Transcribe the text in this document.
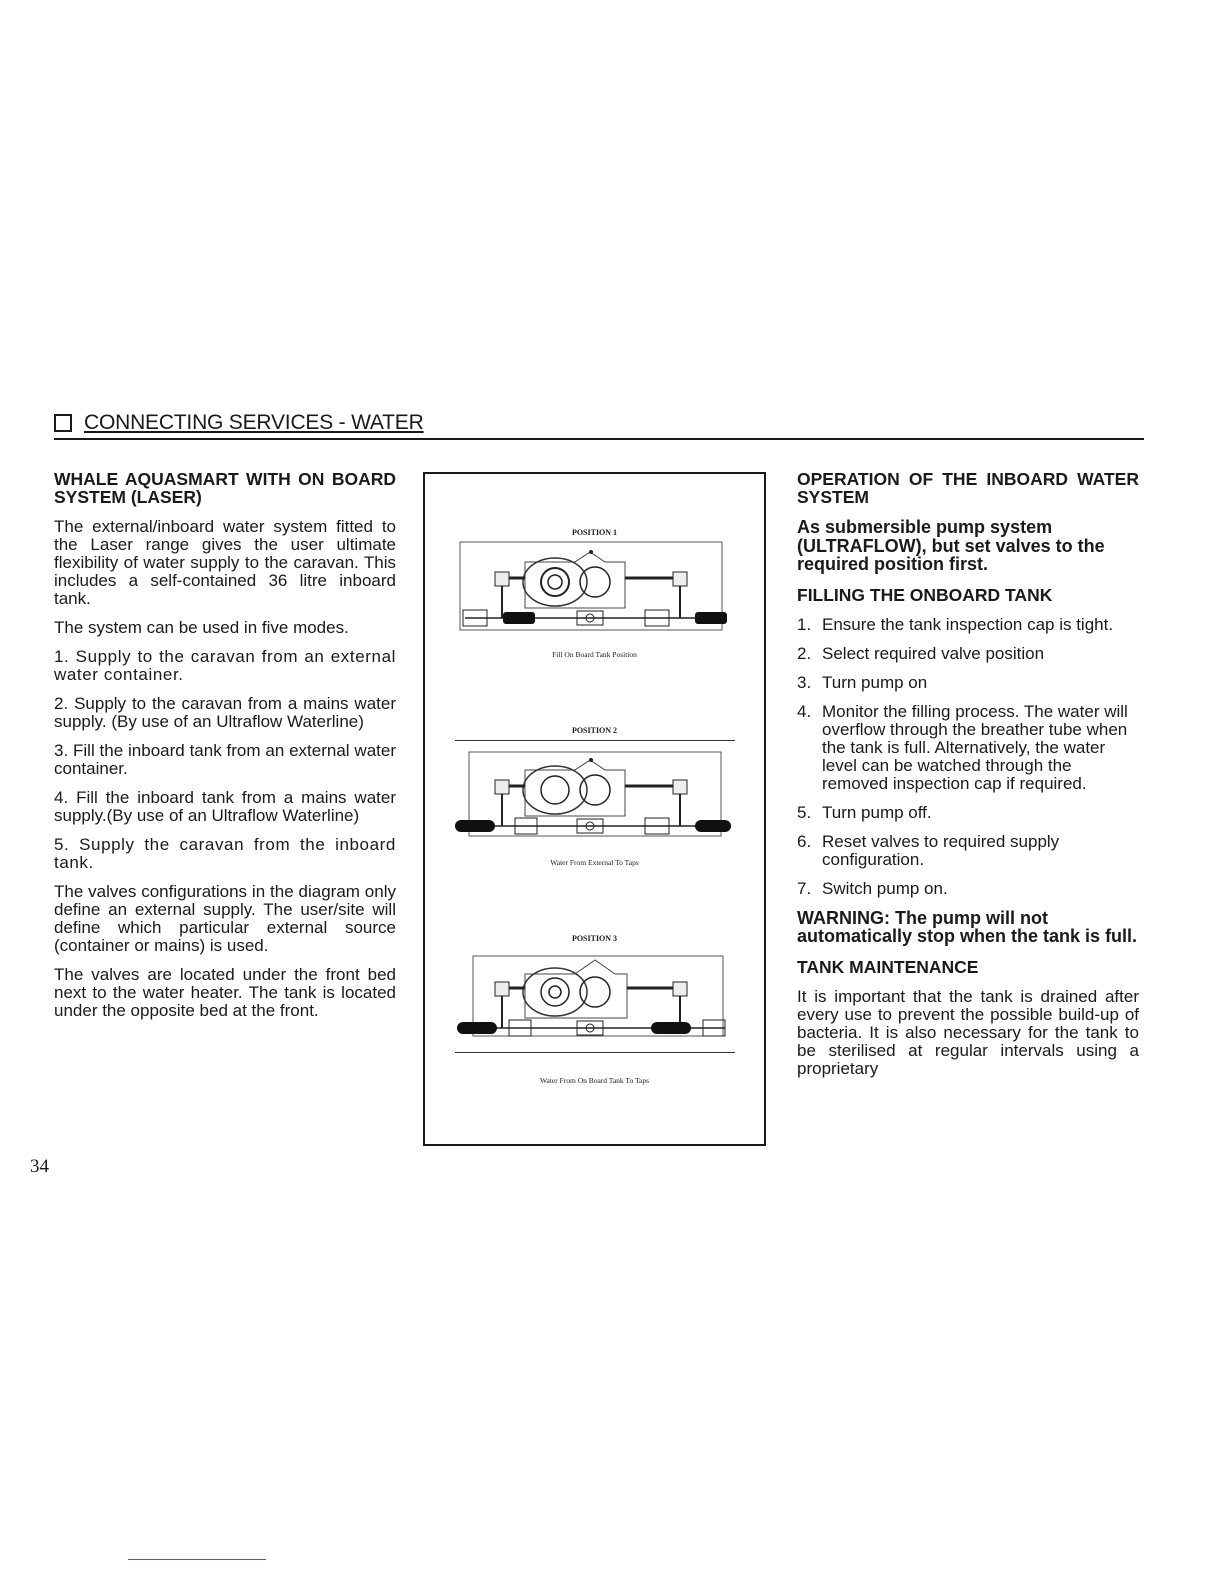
CONNECTING SERVICES - WATER
WHALE AQUASMART WITH ON BOARD SYSTEM (LASER)

The external/inboard water system fitted to the Laser range gives the user ultimate flexibility of water supply to the caravan. This includes a self-contained 36 litre inboard tank.

The system can be used in five modes.

1. Supply to the caravan from an external water container.

2. Supply to the caravan from a mains water supply. (By use of an Ultraflow Waterline)

3. Fill the inboard tank from an external water container.

4. Fill the inboard tank from a mains water supply.(By use of an Ultraflow Waterline)

5. Supply the caravan from the inboard tank.

The valves configurations in the diagram only define an external supply. The user/site will define which particular external source (container or mains) is used.

The valves are located under the front bed next to the water heater. The tank is located under the opposite bed at the front.

POSITION 1
Fill On Board Tank Position
POSITION 2
Water From External To Taps
POSITION 3
Water From On Board Tank To Taps
OPERATION OF THE INBOARD WATER SYSTEM
As submersible pump system (ULTRAFLOW), but set valves to the required position first.
FILLING THE ONBOARD TANK
1. Ensure the tank inspection cap is tight.
2. Select required valve position
3. Turn pump on
4. Monitor the filling process. The water will overflow through the breather tube when the tank is full. Alternatively, the water level can be watched through the removed inspection cap if required.
5. Turn pump off.
6. Reset valves to required supply configuration.
7. Switch pump on.
WARNING: The pump will not automatically stop when the tank is full.
TANK MAINTENANCE

It is important that the tank is drained after every use to prevent the possible build-up of bacteria. It is also necessary for the tank to be sterilised at regular intervals using a proprietary

34
